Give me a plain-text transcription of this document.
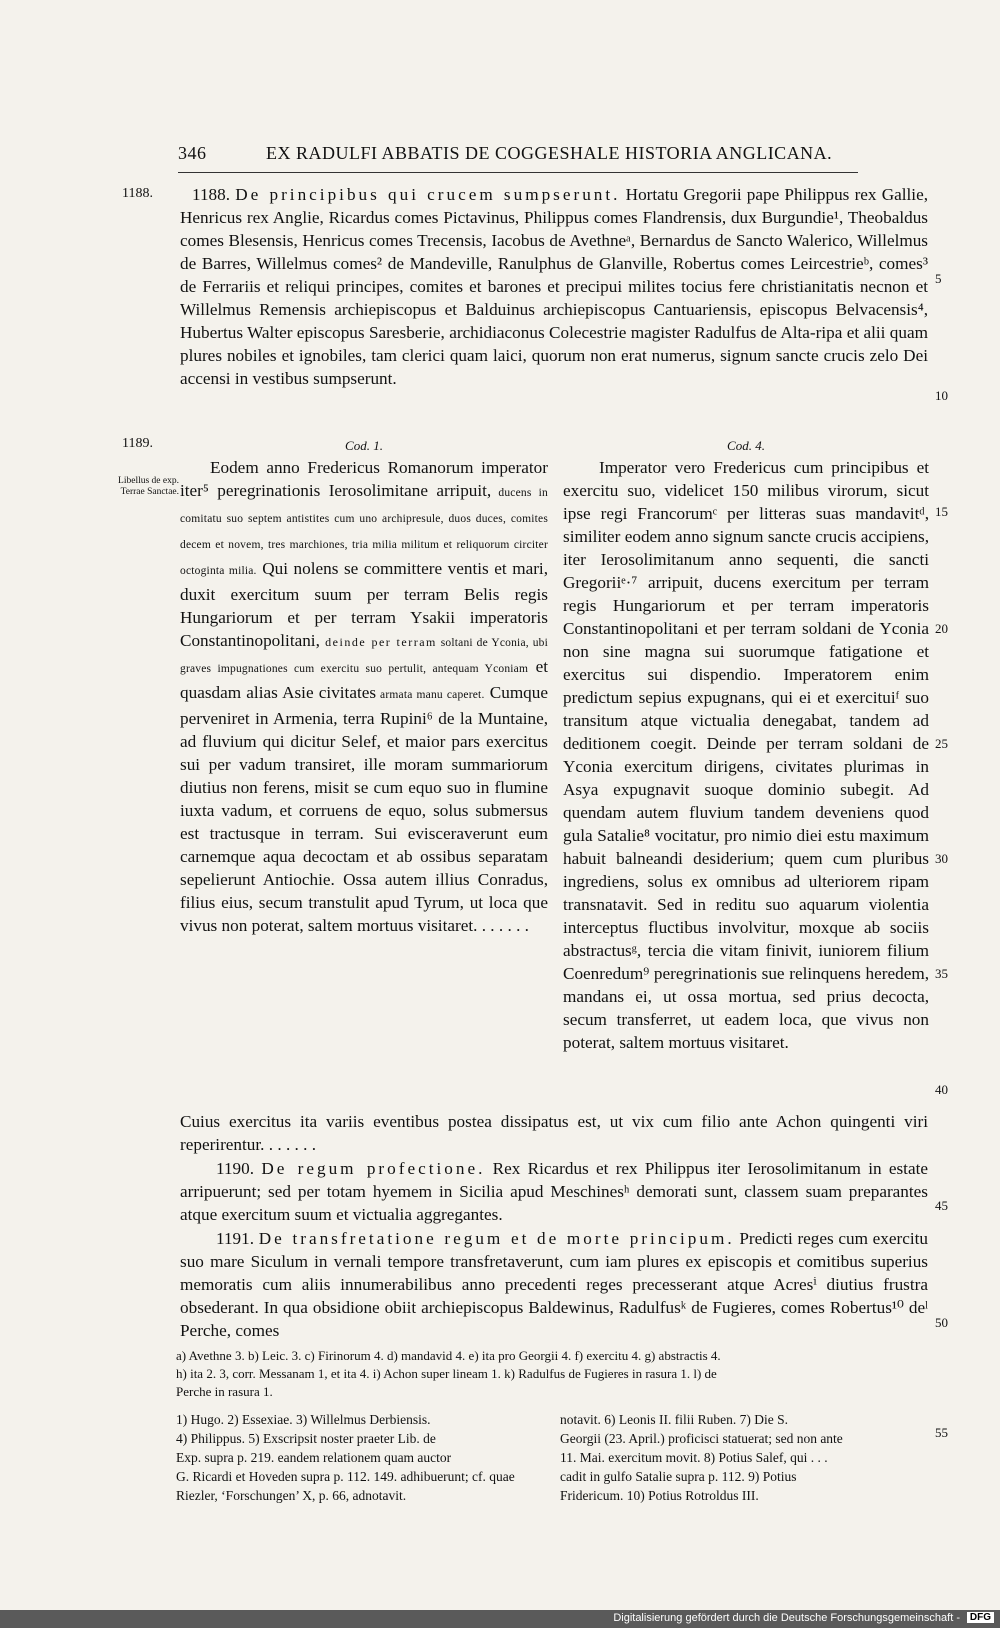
346	EX RADULFI ABBATIS DE COGGESHALE HISTORIA ANGLICANA.
1188.
1189.
Libellus de exp. Terrae Sanctae.
5
10
15
20
25
30
35
40
45
50
55
1188. De principibus qui crucem sumpserunt. Hortatu Gregorii pape Philippus rex Gallie, Henricus rex Anglie, Ricardus comes Pictavinus, Philippus comes Flandrensis, dux Burgundie¹, Theobaldus comes Blesensis, Henricus comes Trecensis, Iacobus de Avethneᵃ, Bernardus de Sancto Walerico, Willelmus de Barres, Willelmus comes² de Mandeville, Ranulphus de Glanville, Robertus comes Leircestrieᵇ, comes³ de Ferrariis et reliqui principes, comites et barones et precipui milites tocius fere christianitatis necnon et Willelmus Remensis archiepiscopus et Balduinus archiepiscopus Cantuariensis, episcopus Belvacensis⁴, Hubertus Walter episcopus Saresberie, archidiaconus Colecestrie magister Radulfus de Alta-ripa et alii quam plures nobiles et ignobiles, tam clerici quam laici, quorum non erat numerus, signum sancte crucis zelo Dei accensi in vestibus sumpserunt.
Cod. 1.

Eodem anno Fredericus Romanorum imperator iter⁵ peregrinationis Ierosolimitane arripuit, ducens in comitatu suo septem antistites cum uno archipresule, duos duces, comites decem et novem, tres marchiones, tria milia militum et reliquorum circiter octoginta milia. Qui nolens se committere ventis et mari, duxit exercitum suum per terram Belis regis Hungariorum et per terram Ysakii imperatoris Constantinopolitani, deinde per terram soltani de Yconia, ubi graves impugnationes cum exercitu suo pertulit, antequam Yconiam et quasdam alias Asie civitates armata manu caperet. Cumque perveniret in Armenia, terra Rupini⁶ de la Muntaine, ad fluvium qui dicitur Selef, et maior pars exercitus sui per vadum transiret, ille moram summariorum diutius non ferens, misit se cum equo suo in flumine iuxta vadum, et corruens de equo, solus submersus est tractusque in terram. Sui evisceraverunt eum carnemque aqua decoctam et ab ossibus separatam sepelierunt Antiochie. Ossa autem illius Conradus, filius eius, secum transtulit apud Tyrum, ut loca que vivus non poterat, saltem mortuus visitaret. . . . . . .

Cod. 4.

Imperator vero Fredericus cum principibus et exercitu suo, videlicet 150 milibus virorum, sicut ipse regi Francorumᶜ per litteras suas mandavitᵈ, similiter eodem anno signum sancte crucis accipiens, iter Ierosolimitanum anno sequenti, die sancti Gregoriiᵉ·⁷ arripuit, ducens exercitum per terram regis Hungariorum et per terram imperatoris Constantinopolitani et per terram soldani de Yconia non sine magna sui suorumque fatigatione et exercitus sui dispendio. Imperatorem enim predictum sepius expugnans, qui ei et exercituiᶠ suo transitum atque victualia denegabat, tandem ad deditionem coegit. Deinde per terram soldani de Yconia exercitum dirigens, civitates plurimas in Asya expugnavit suoque dominio subegit. Ad quendam autem fluvium tandem deveniens quod gula Satalie⁸ vocitatur, pro nimio diei estu maximum habuit balneandi desiderium; quem cum pluribus ingrediens, solus ex omnibus ad ulteriorem ripam transnatavit. Sed in reditu suo aquarum violentia interceptus fluctibus involvitur, moxque ab sociis abstractusᵍ, tercia die vitam finivit, iuniorem filium Coenredum⁹ peregrinationis sue relinquens heredem, mandans ei, ut ossa mortua, sed prius decocta, secum transferret, ut eadem loca, que vivus non poterat, saltem mortuus visitaret.

Cuius exercitus ita variis eventibus postea dissipatus est, ut vix cum filio ante Achon quingenti viri reperirentur. . . . . . .
1190. De regum profectione. Rex Ricardus et rex Philippus iter Ierosolimitanum in estate arripuerunt; sed per totam hyemem in Sicilia apud Meschinesʰ demorati sunt, classem suam preparantes atque exercitum suum et victualia aggregantes.
1191. De transfretatione regum et de morte principum. Predicti reges cum exercitu suo mare Siculum in vernali tempore transfretaverunt, cum iam plures ex episcopis et comitibus superius memoratis cum aliis innumerabilibus anno precedenti reges precesserant atque Acresⁱ diutius frustra obsederant. In qua obsidione obiit archiepiscopus Baldewinus, Radulfusᵏ de Fugieres, comes Robertus¹⁰ deˡ Perche, comes

a) Avethne 3. b) Leic. 3. c) Firinorum 4. d) mandavid 4. e) ita pro Georgii 4. f) exercitu 4. g) abstractis 4.

h) ita 2. 3, corr. Messanam 1, et ita 4. i) Achon super lineam 1. k) Radulfus de Fugieres in rasura 1. l) de

Perche in rasura 1.

1) Hugo. 2) Essexiae. 3) Willelmus Derbiensis.

4) Philippus. 5) Exscripsit noster praeter Lib. de

Exp. supra p. 219. eandem relationem quam auctor

G. Ricardi et Hoveden supra p. 112. 149. adhibuerunt; cf. quae Riezler, ‘Forschungen’ X, p. 66, adnotavit.

notavit. 6) Leonis II. filii Ruben. 7) Die S.

Georgii (23. April.) proficisci statuerat; sed non ante

11. Mai. exercitum movit. 8) Potius Salef, qui . . .

cadit in gulfo Satalie supra p. 112. 9) Potius

Fridericum. 10) Potius Rotroldus III.

Digitalisierung gefördert durch die Deutsche Forschungsgemeinschaft - DFG
